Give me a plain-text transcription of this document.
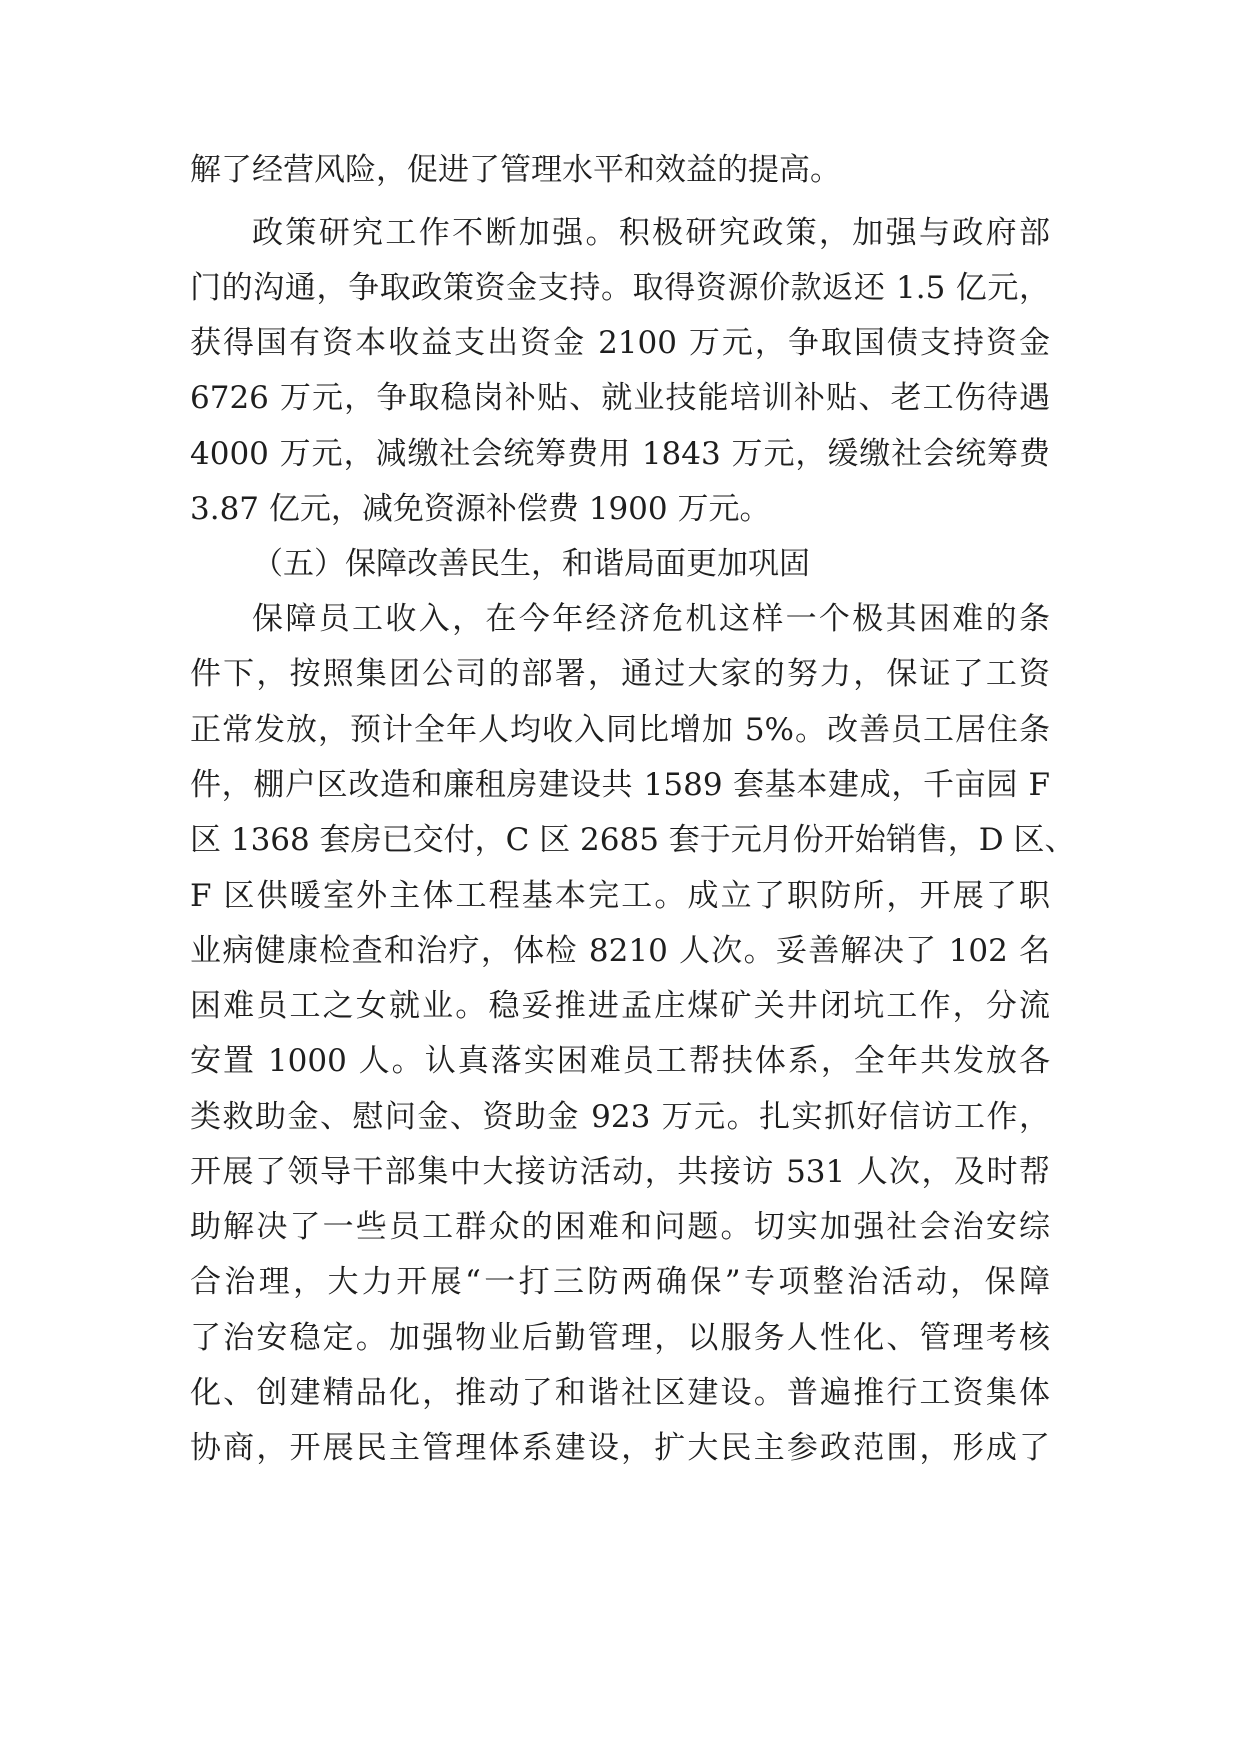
解了经营风险，促进了管理水平和效益的提高。
政策研究工作不断加强。积极研究政策，加强与政府部
门的沟通，争取政策资金支持。取得资源价款返还 1.5 亿元，
获得国有资本收益支出资金 2100 万元，争取国债支持资金
6726 万元，争取稳岗补贴、就业技能培训补贴、老工伤待遇
4000 万元，减缴社会统筹费用 1843 万元，缓缴社会统筹费
3.87 亿元，减免资源补偿费 1900 万元。
（五）保障改善民生，和谐局面更加巩固
保障员工收入，在今年经济危机这样一个极其困难的条
件下，按照集团公司的部署，通过大家的努力，保证了工资
正常发放，预计全年人均收入同比增加 5%。改善员工居住条
件，棚户区改造和廉租房建设共 1589 套基本建成，千亩园 F
区 1368 套房已交付，C 区 2685 套于元月份开始销售，D 区、
F 区供暖室外主体工程基本完工。成立了职防所，开展了职
业病健康检查和治疗，体检 8210 人次。妥善解决了 102 名
困难员工之女就业。稳妥推进孟庄煤矿关井闭坑工作，分流
安置 1000 人。认真落实困难员工帮扶体系，全年共发放各
类救助金、慰问金、资助金 923 万元。扎实抓好信访工作，
开展了领导干部集中大接访活动，共接访 531 人次，及时帮
助解决了一些员工群众的困难和问题。切实加强社会治安综
合治理，大力开展“一打三防两确保”专项整治活动，保障
了治安稳定。加强物业后勤管理，以服务人性化、管理考核
化、创建精品化，推动了和谐社区建设。普遍推行工资集体
协商，开展民主管理体系建设，扩大民主参政范围，形成了
